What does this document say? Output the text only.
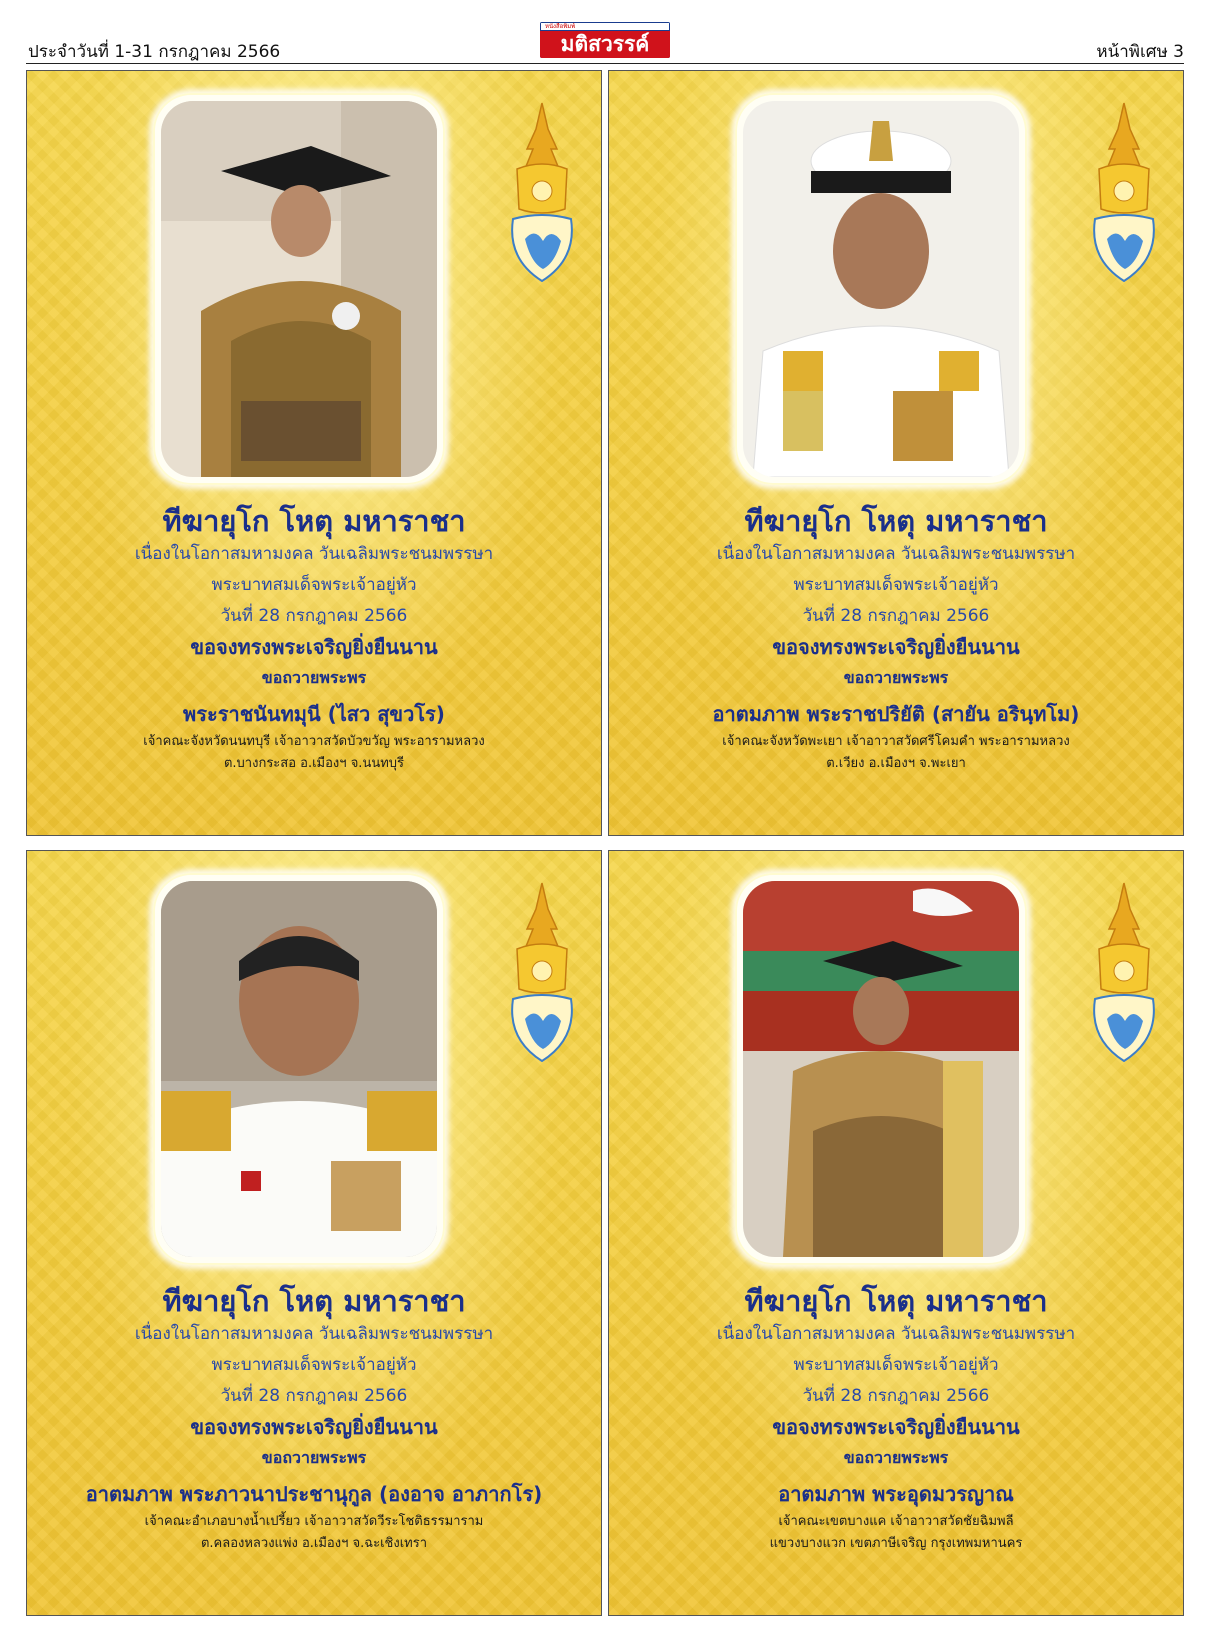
ประจำวันที่ 1-31 กรกฎาคม 2566
หนังสือพิมพ์
มติสวรรค์	หน้าพิเศษ 3
ทีฆายุโก โหตุ มหาราชา
เนื่องในโอกาสมหามงคล วันเฉลิมพระชนมพรรษา
พระบาทสมเด็จพระเจ้าอยู่หัว
วันที่ 28 กรกฎาคม 2566
ขอจงทรงพระเจริญยิ่งยืนนาน
ขอถวายพระพร
พระราชนันทมุนี (ไสว สุขวโร)
เจ้าคณะจังหวัดนนทบุรี เจ้าอาวาสวัดบัวขวัญ พระอารามหลวง
ต.บางกระสอ อ.เมืองฯ จ.นนทบุรี
ทีฆายุโก โหตุ มหาราชา
เนื่องในโอกาสมหามงคล วันเฉลิมพระชนมพรรษา
พระบาทสมเด็จพระเจ้าอยู่หัว
วันที่ 28 กรกฎาคม 2566
ขอจงทรงพระเจริญยิ่งยืนนาน
ขอถวายพระพร
อาตมภาพ พระราชปริยัติ (สายัน อรินฺทโม)
เจ้าคณะจังหวัดพะเยา เจ้าอาวาสวัดศรีโคมคำ พระอารามหลวง
ต.เวียง อ.เมืองฯ จ.พะเยา
ทีฆายุโก โหตุ มหาราชา
เนื่องในโอกาสมหามงคล วันเฉลิมพระชนมพรรษา
พระบาทสมเด็จพระเจ้าอยู่หัว
วันที่ 28 กรกฎาคม 2566
ขอจงทรงพระเจริญยิ่งยืนนาน
ขอถวายพระพร
อาตมภาพ พระภาวนาประชานุกูล (องอาจ อาภากโร)
เจ้าคณะอำเภอบางน้ำเปรี้ยว เจ้าอาวาสวัดวีระโชติธรรมาราม
ต.คลองหลวงแพ่ง อ.เมืองฯ จ.ฉะเชิงเทรา
ทีฆายุโก โหตุ มหาราชา
เนื่องในโอกาสมหามงคล วันเฉลิมพระชนมพรรษา
พระบาทสมเด็จพระเจ้าอยู่หัว
วันที่ 28 กรกฎาคม 2566
ขอจงทรงพระเจริญยิ่งยืนนาน
ขอถวายพระพร
อาตมภาพ พระอุดมวรญาณ
เจ้าคณะเขตบางแค เจ้าอาวาสวัดชัยฉิมพลี
แขวงบางแวก เขตภาษีเจริญ กรุงเทพมหานคร
